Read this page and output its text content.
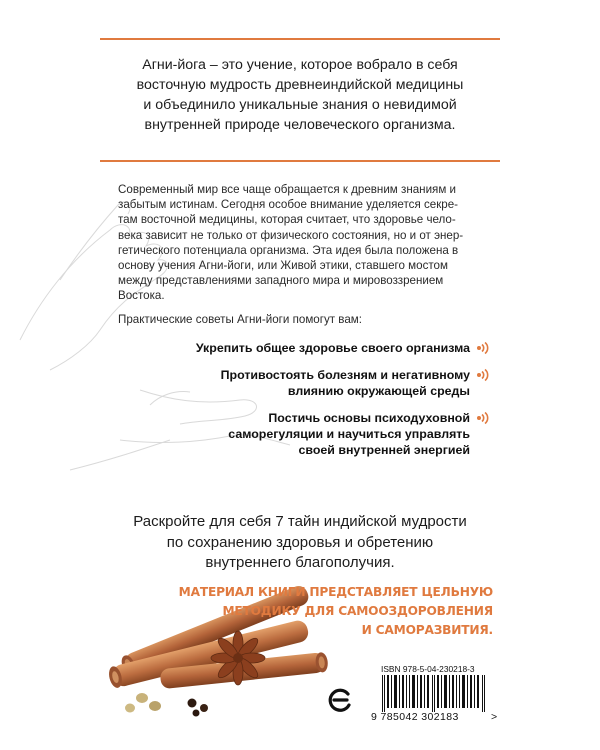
Агни-йога – это учение, которое вобрало в себя
восточную мудрость древнеиндийской медицины
и объединило уникальные знания о невидимой
внутренней природе человеческого организма.
Современный мир все чаще обращается к древним знаниям и
забытым истинам. Сегодня особое внимание уделяется секре-
там восточной медицины, которая считает, что здоровье чело-
века зависит не только от физического состояния, но и от энер-
гетического потенциала организма. Эта идея была положена в
основу учения Агни-йоги, или Живой этики, ставшего мостом
между представлениями западного мира и мировоззрением
Востока.
Практические советы Агни-йоги помогут вам:
Укрепить общее здоровье своего организма
Противостоять болезням и негативному
влиянию окружающей среды
Постичь основы психодуховной
саморегуляции и научиться управлять
своей внутренней энергией
Раскройте для себя 7 тайн индийской мудрости
по сохранению здоровья и обретению
внутреннего благополучия.
МАТЕРИАЛ КНИГИ ПРЕДСТАВЛЯЕТ ЦЕЛЬНУЮ
МЕТОДИКУ ДЛЯ САМООЗДОРОВЛЕНИЯ
И САМОРАЗВИТИЯ.
ISBN 978-5-04-230218-3
9 785042 302183	>
